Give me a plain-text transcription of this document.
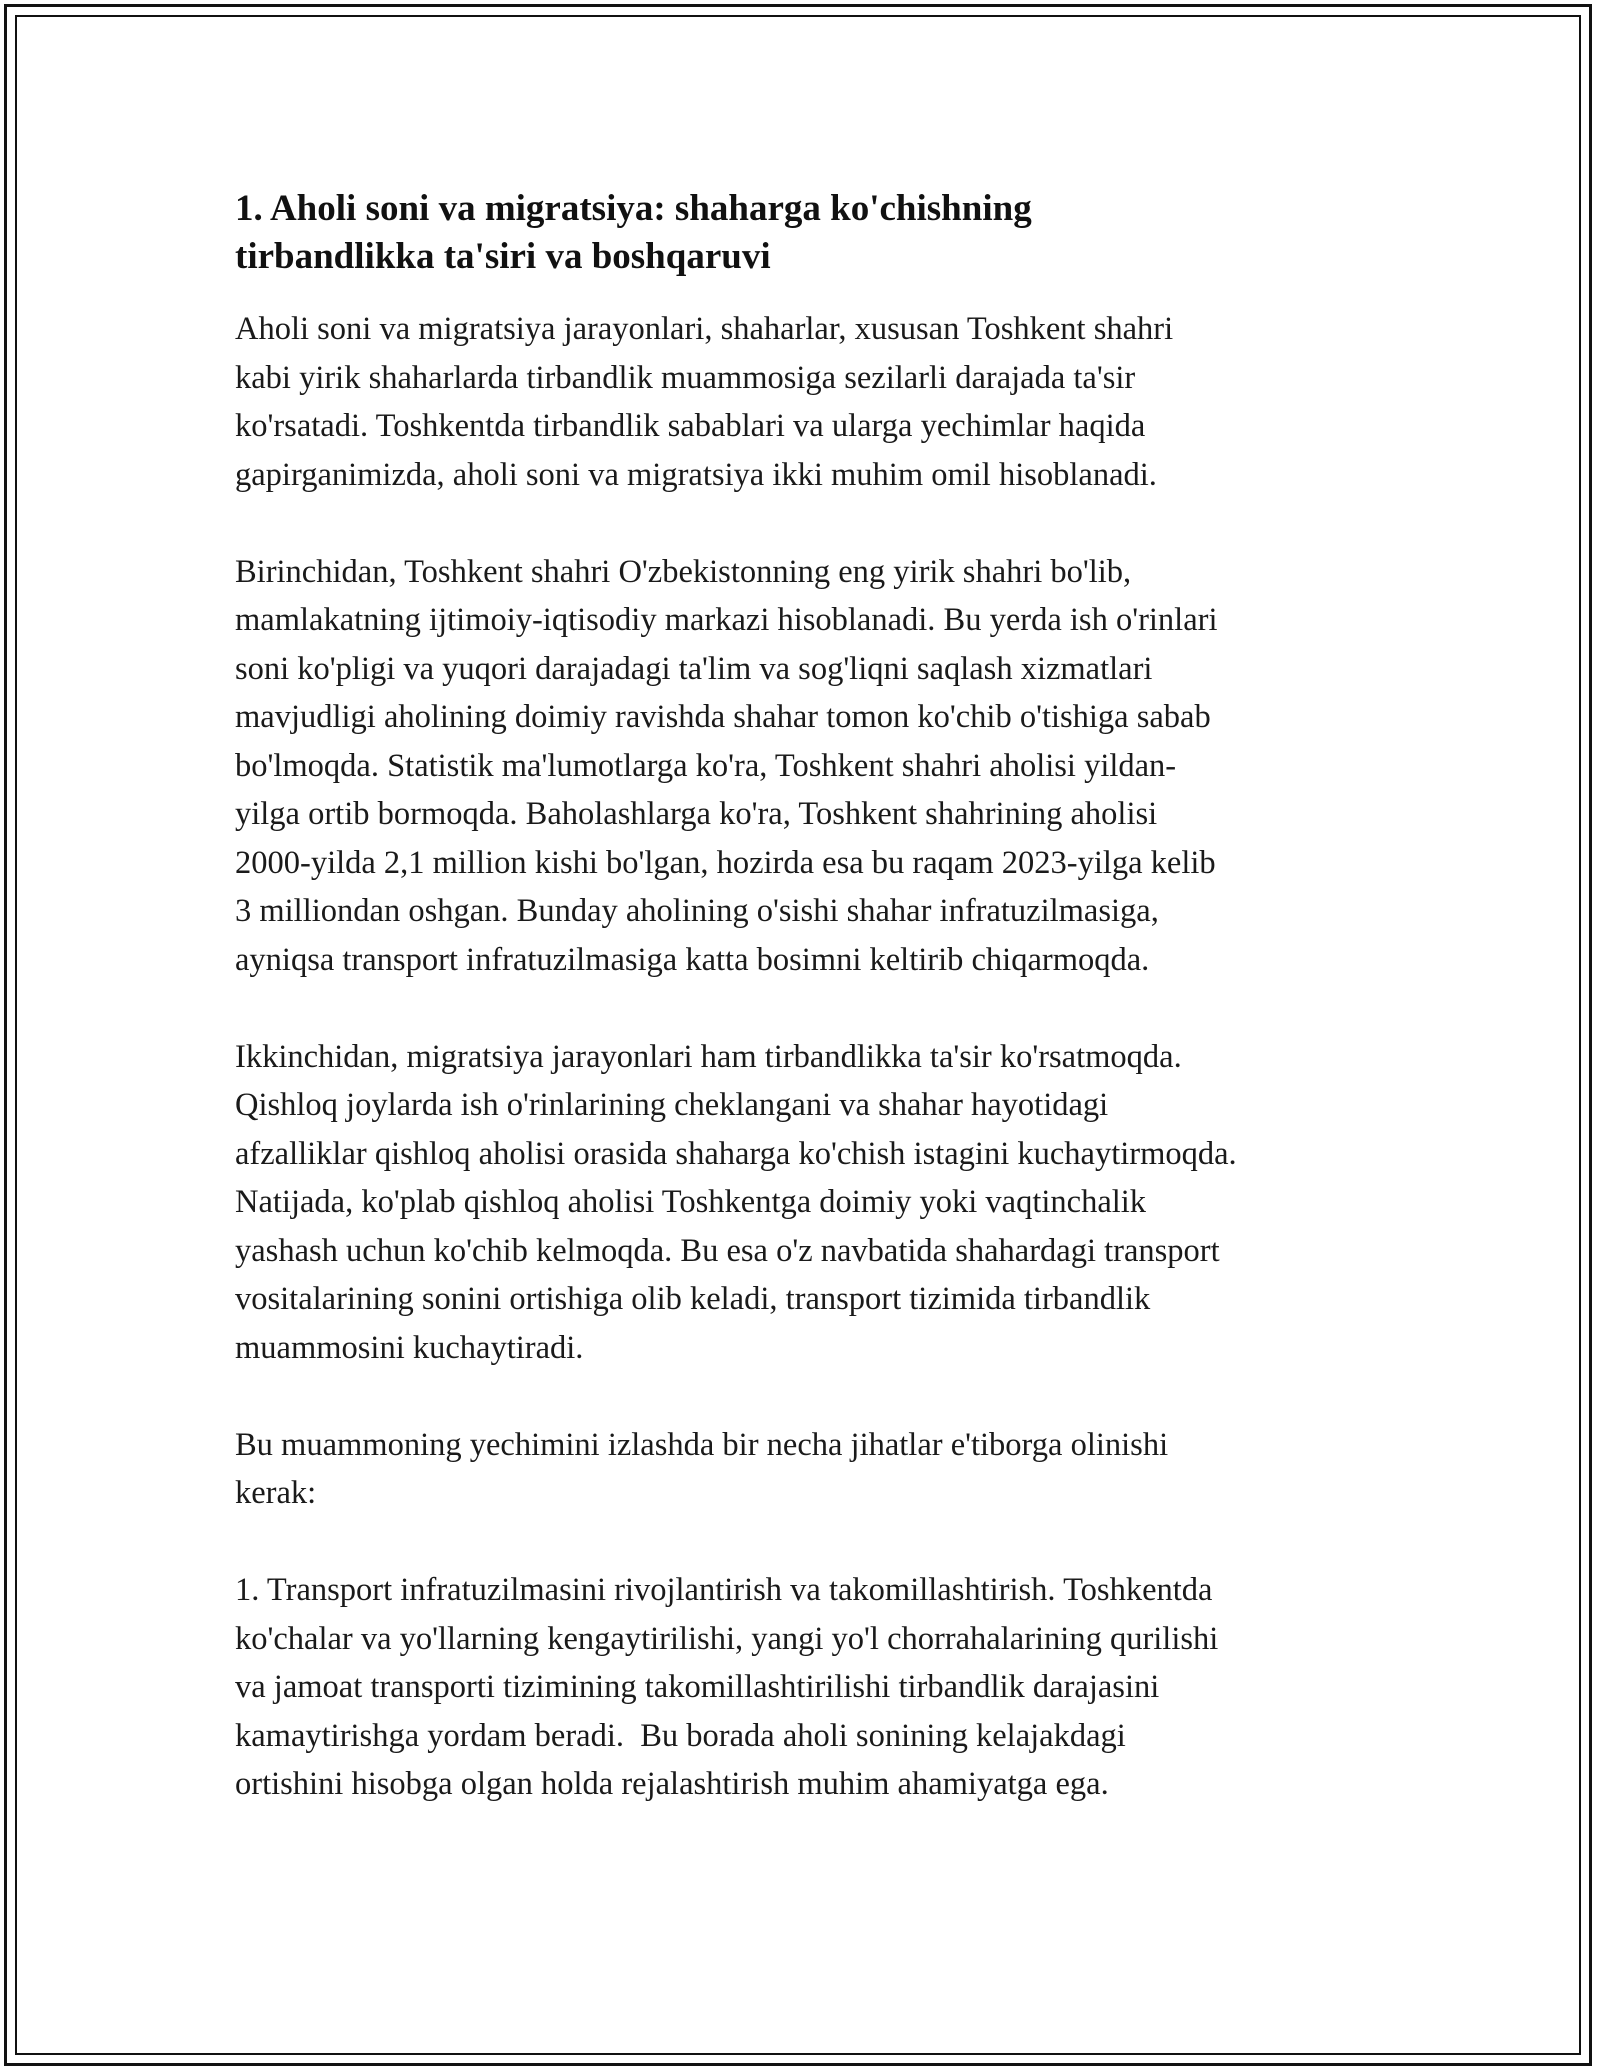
1. Aholi soni va migratsiya: shaharga ko'chishning
tirbandlikka ta'siri va boshqaruvi

Aholi soni va migratsiya jarayonlari, shaharlar, xususan Toshkent shahri
kabi yirik shaharlarda tirbandlik muammosiga sezilarli darajada ta'sir
ko'rsatadi. Toshkentda tirbandlik sabablari va ularga yechimlar haqida
gapirganimizda, aholi soni va migratsiya ikki muhim omil hisoblanadi.

Birinchidan, Toshkent shahri O'zbekistonning eng yirik shahri bo'lib,
mamlakatning ijtimoiy-iqtisodiy markazi hisoblanadi. Bu yerda ish o'rinlari
soni ko'pligi va yuqori darajadagi ta'lim va sog'liqni saqlash xizmatlari
mavjudligi aholining doimiy ravishda shahar tomon ko'chib o'tishiga sabab
bo'lmoqda. Statistik ma'lumotlarga ko'ra, Toshkent shahri aholisi yildan-
yilga ortib bormoqda. Baholashlarga ko'ra, Toshkent shahrining aholisi
2000-yilda 2,1 million kishi bo'lgan, hozirda esa bu raqam 2023-yilga kelib
3 milliondan oshgan. Bunday aholining o'sishi shahar infratuzilmasiga,
ayniqsa transport infratuzilmasiga katta bosimni keltirib chiqarmoqda.

Ikkinchidan, migratsiya jarayonlari ham tirbandlikka ta'sir ko'rsatmoqda.
Qishloq joylarda ish o'rinlarining cheklangani va shahar hayotidagi
afzalliklar qishloq aholisi orasida shaharga ko'chish istagini kuchaytirmoqda.
Natijada, ko'plab qishloq aholisi Toshkentga doimiy yoki vaqtinchalik
yashash uchun ko'chib kelmoqda. Bu esa o'z navbatida shahardagi transport
vositalarining sonini ortishiga olib keladi, transport tizimida tirbandlik
muammosini kuchaytiradi.

Bu muammoning yechimini izlashda bir necha jihatlar e'tiborga olinishi
kerak:

1. Transport infratuzilmasini rivojlantirish va takomillashtirish. Toshkentda
ko'chalar va yo'llarning kengaytirilishi, yangi yo'l chorrahalarining qurilishi
va jamoat transporti tizimining takomillashtirilishi tirbandlik darajasini
kamaytirishga yordam beradi.  Bu borada aholi sonining kelajakdagi
ortishini hisobga olgan holda rejalashtirish muhim ahamiyatga ega.
